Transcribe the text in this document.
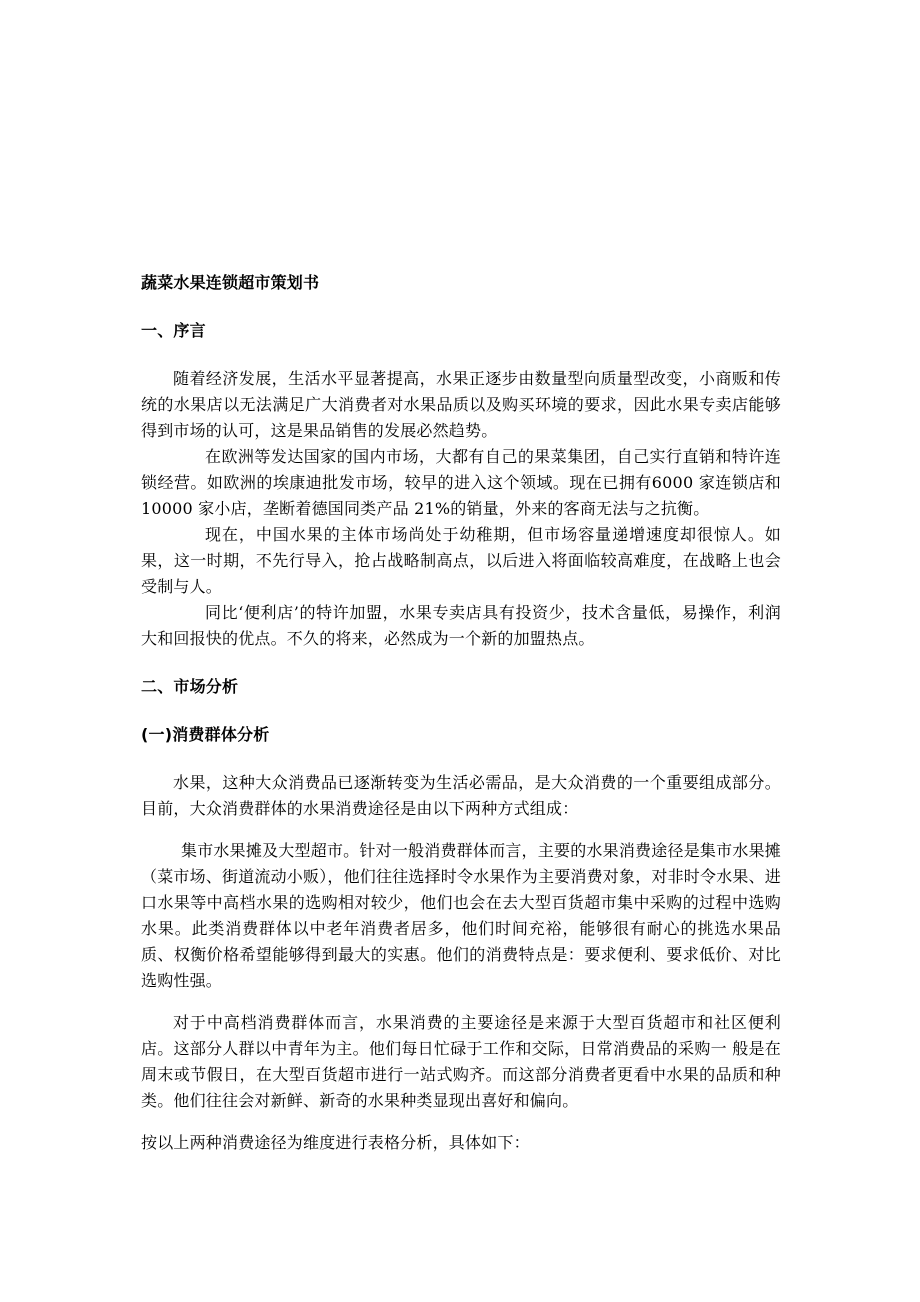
蔬菜水果连锁超市策划书

一、序言

随着经济发展，生活水平显著提高，水果正逐步由数量型向质量型改变，小商贩和传统的水果店以无法满足广大消费者对水果品质以及购买环境的要求，因此水果专卖店能够得到市场的认可，这是果品销售的发展必然趋势。

在欧洲等发达国家的国内市场，大都有自己的果菜集团，自己实行直销和特许连锁经营。如欧洲的埃康迪批发市场，较早的进入这个领域。现在已拥有6000 家连锁店和 10000 家小店，垄断着德国同类产品 21%的销量，外来的客商无法与之抗衡。

现在，中国水果的主体市场尚处于幼稚期，但市场容量递增速度却很惊人。如果，这一时期，不先行导入，抢占战略制高点，以后进入将面临较高难度，在战略上也会受制与人。

同比‘便利店’的特许加盟，水果专卖店具有投资少，技术含量低，易操作，利润大和回报快的优点。不久的将来，必然成为一个新的加盟热点。

二、市场分析

(一)消费群体分析

水果，这种大众消费品已逐渐转变为生活必需品，是大众消费的一个重要组成部分。目前，大众消费群体的水果消费途径是由以下两种方式组成：

集市水果摊及大型超市。针对一般消费群体而言，主要的水果消费途径是集市水果摊（菜市场、街道流动小贩），他们往往选择时令水果作为主要消费对象，对非时令水果、进口水果等中高档水果的选购相对较少，他们也会在去大型百货超市集中采购的过程中选购水果。此类消费群体以中老年消费者居多，他们时间充裕，能够很有耐心的挑选水果品质、权衡价格希望能够得到最大的实惠。他们的消费特点是：要求便利、要求低价、对比选购性强。

对于中高档消费群体而言，水果消费的主要途径是来源于大型百货超市和社区便利店。这部分人群以中青年为主。他们每日忙碌于工作和交际，日常消费品的采购一 般是在周末或节假日，在大型百货超市进行一站式购齐。而这部分消费者更看中水果的品质和种类。他们往往会对新鲜、新奇的水果种类显现出喜好和偏向。

按以上两种消费途径为维度进行表格分析，具体如下：
